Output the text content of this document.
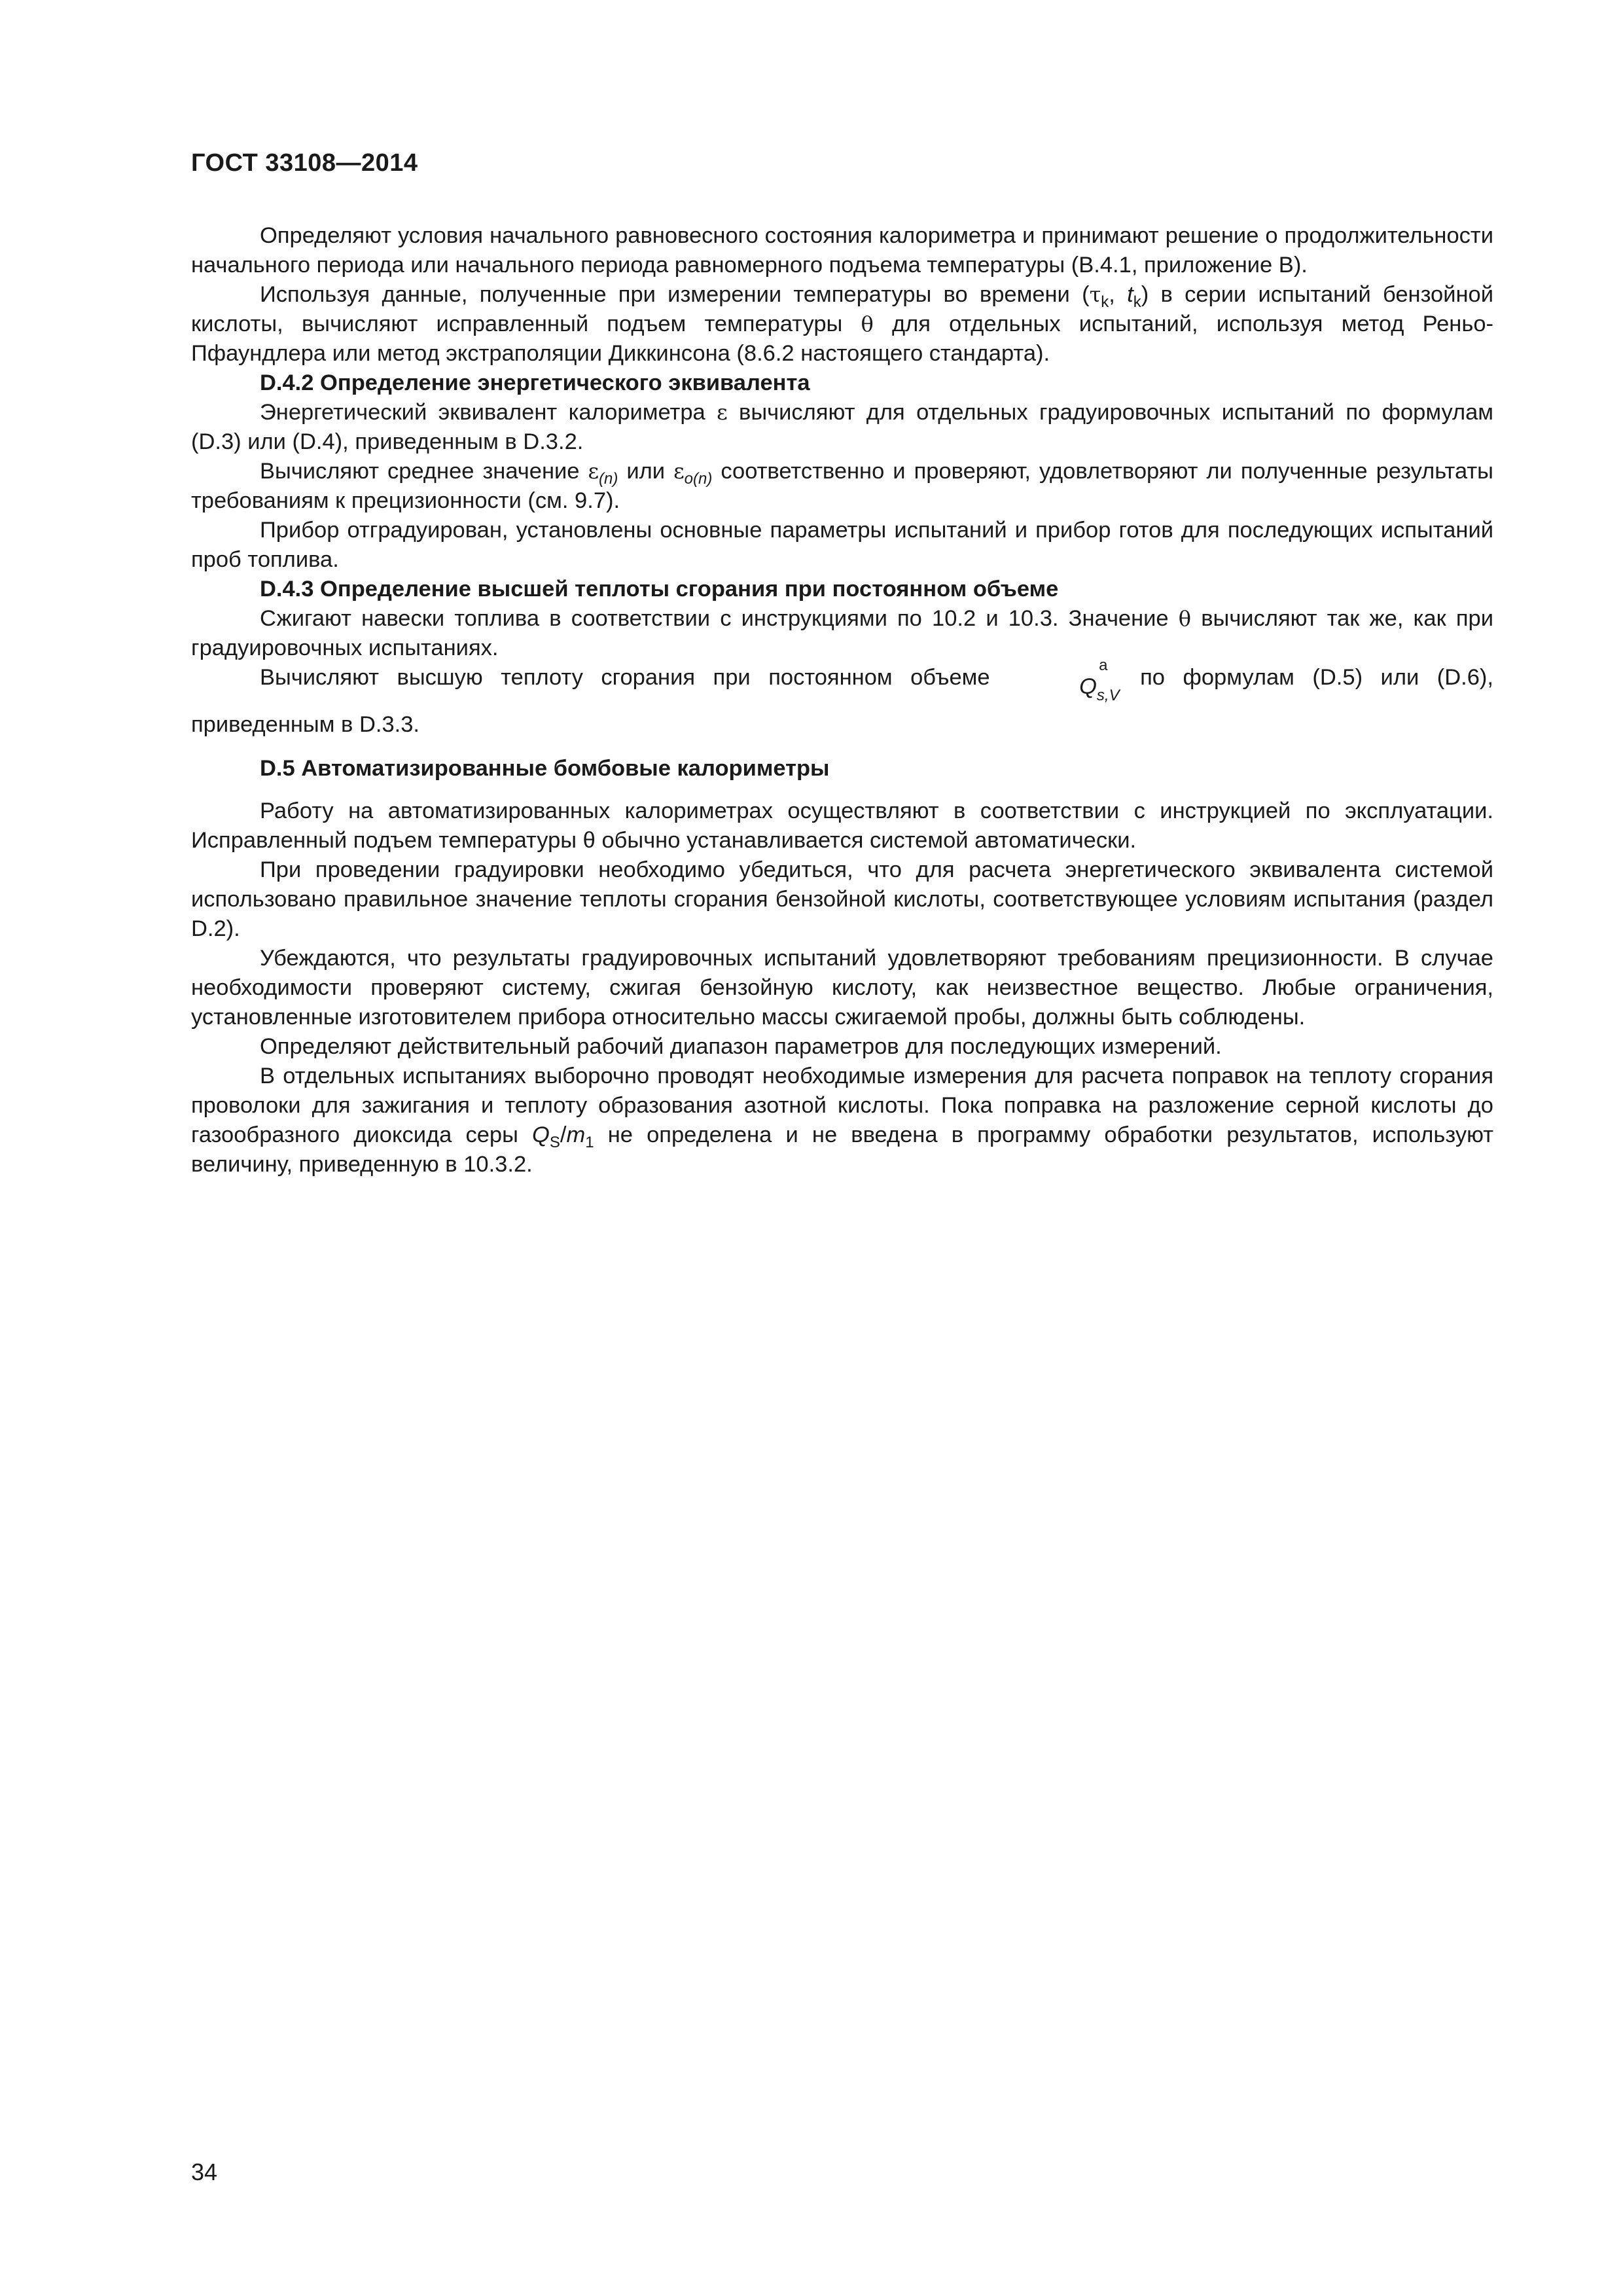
ГОСТ 33108—2014

Определяют условия начального равновесного состояния калориметра и принимают решение о продолжительности начального периода или начального периода равномерного подъема температуры (B.4.1, приложение B).

Используя данные, полученные при измерении температуры во времени ($\tau_k$, $t_k$) в серии испытаний бензойной кислоты, вычисляют исправленный подъем температуры θ для отдельных испытаний, используя метод Реньо-Пфаундлера или метод экстраполяции Диккинсона (8.6.2 настоящего стандарта).

D.4.2 Определение энергетического эквивалента

Энергетический эквивалент калориметра ε вычисляют для отдельных градуировочных испытаний по формулам (D.3) или (D.4), приведенным в D.3.2.

Вычисляют среднее значение $\varepsilon_{(n)}$ или $\varepsilon_{o(n)}$ соответственно и проверяют, удовлетворяют ли полученные результаты требованиям к прецизионности (см. 9.7).

Прибор отградуирован, установлены основные параметры испытаний и прибор готов для последующих испытаний проб топлива.

D.4.3 Определение высшей теплоты сгорания при постоянном объеме

Сжигают навески топлива в соответствии с инструкциями по 10.2 и 10.3. Значение θ вычисляют так же, как при градуировочных испытаниях.

Вычисляют высшую теплоту сгорания при постоянном объеме	Q
a
$_{s,V}$ по формулам (D.5) или (D.6), приведенным в D.3.3.

D.5 Автоматизированные бомбовые калориметры

Работу на автоматизированных калориметрах осуществляют в соответствии с инструкцией по эксплуатации. Исправленный подъем температуры θ обычно устанавливается системой автоматически.

При проведении градуировки необходимо убедиться, что для расчета энергетического эквивалента системой использовано правильное значение теплоты сгорания бензойной кислоты, соответствующее условиям испытания (раздел D.2).

Убеждаются, что результаты градуировочных испытаний удовлетворяют требованиям прецизионности. В случае необходимости проверяют систему, сжигая бензойную кислоту, как неизвестное вещество. Любые ограничения, установленные изготовителем прибора относительно массы сжигаемой пробы, должны быть соблюдены.

Определяют действительный рабочий диапазон параметров для последующих измерений.

В отдельных испытаниях выборочно проводят необходимые измерения для расчета поправок на теплоту сгорания проволоки для зажигания и теплоту образования азотной кислоты. Пока поправка на разложение серной кислоты до газообразного диоксида серы $Q_S/m_1$ не определена и не введена в программу обработки результатов, используют величину, приведенную в 10.3.2.

34
